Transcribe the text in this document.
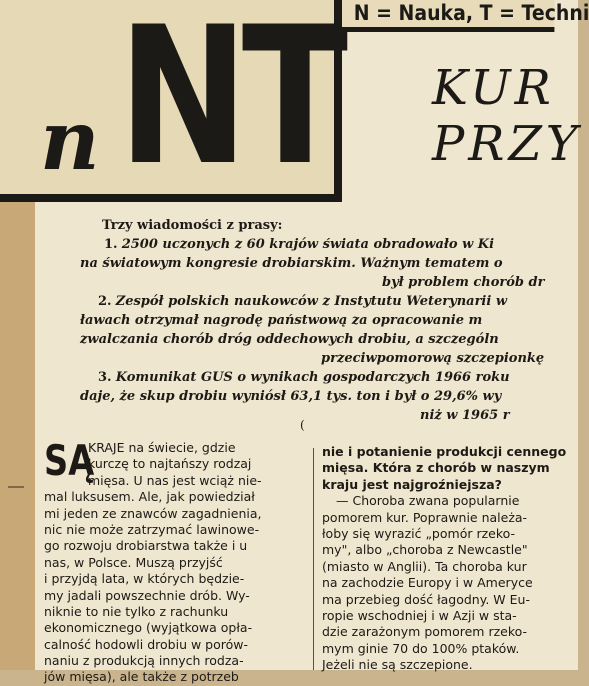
NT
n
N = Nauka, T = Techni
KUR
PRZY
Trzy wiadomości z prasy:
1. 2500 uczonych z 60 krajów świata obradowało w Ki
na światowym kongresie drobiarskim. Ważnym tematem o
był problem chorób dr
2. Zespół polskich naukowców z Instytutu Weterynarii w
ławach otrzymał nagrodę państwową za opracowanie m
zwalczania chorób dróg oddechowych drobiu, a szczególn
przeciwpomorową szczepionkę
3. Komunikat GUS o wynikach gospodarczych 1966 roku
daje, że skup drobiu wyniósł 63,1 tys. ton i był o 29,6% wy
niż w 1965 r
(
SĄ
KRAJE na świecie, gdzie
kurczę to najtańszy rodzaj
mięsa. U nas jest wciąż nie-
mal luksusem. Ale, jak powiedział
mi jeden ze znawców zagadnienia,
nic nie może zatrzymać lawinowe-
go rozwoju drobiarstwa także i u
nas, w Polsce. Muszą przyjść
i przyjdą lata, w których będzie-
my jadali powszechnie drób. Wy-
niknie to nie tylko z rachunku
ekonomicznego (wyjątkowa opła-
calność hodowli drobiu w porów-
naniu z produkcją innych rodza-
jów mięsa), ale także z potrzeb
nie i potanienie produkcji cennego
mięsa. Która z chorób w naszym
kraju jest najgroźniejsza?
— Choroba zwana popularnie
pomorem kur. Poprawnie należa-
łoby się wyrazić „pomór rzeko-
my", albo „choroba z Newcastle"
(miasto w Anglii). Ta choroba kur
na zachodzie Europy i w Ameryce
ma przebieg dość łagodny. W Eu-
ropie wschodniej i w Azji w sta-
dzie zarażonym pomorem rzeko-
mym ginie 70 do 100% ptaków.
Jeżeli nie są szczepione.
